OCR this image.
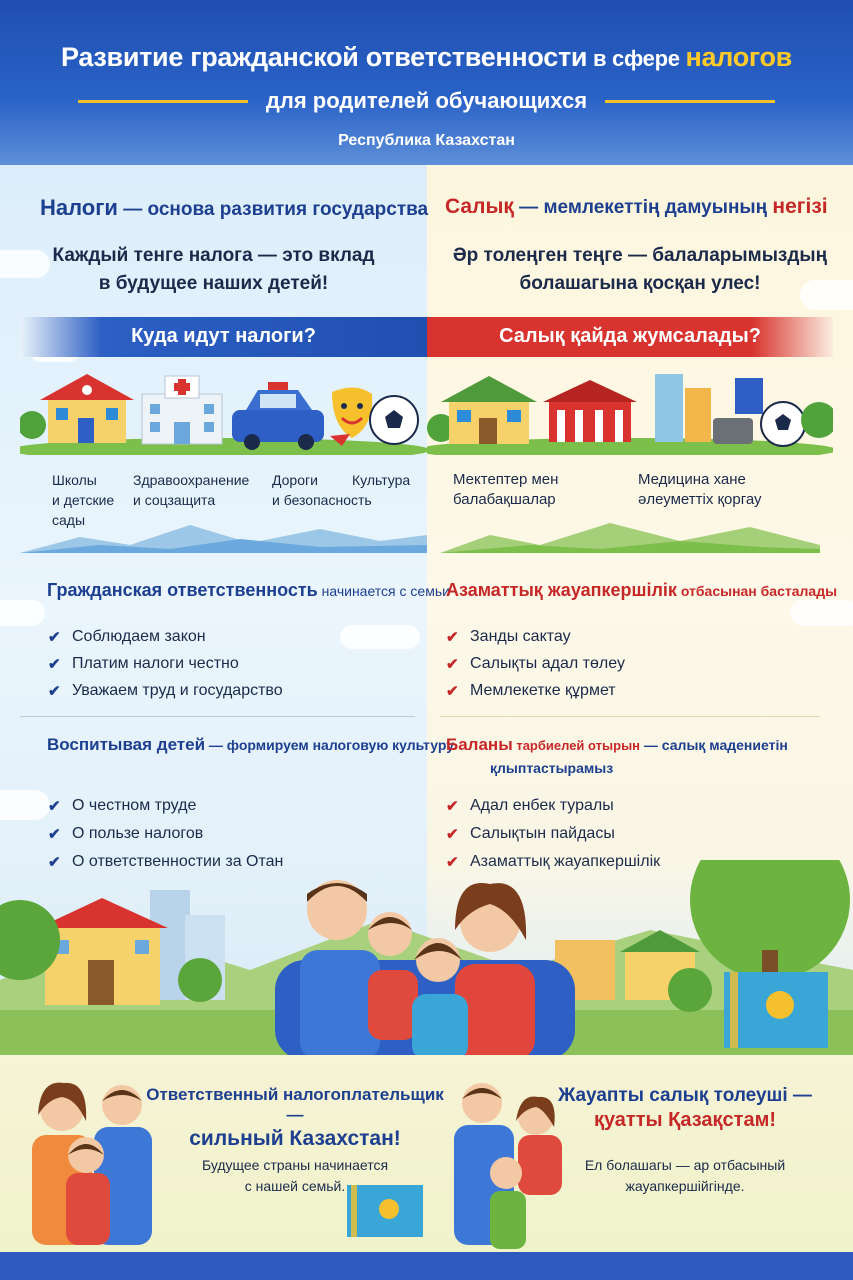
Развитие гражданской ответственности в сфере налогов
для родителей обучающихся
Республика Казахстан
Налоги — основа развития государства
Каждый тенге налога — это вклад
в будущее наших детей!
Салық — мемлекеттің дамуының негізі
Әр толеңген теңге — балаларымыздың
болашагына қосқан улес!
Куда идут налоги?	Салық қайда жумсалады?
Школы
и детские
сады
Здравоохранение
и соцзащита
Дороги
и безопасность
Культура	Мектептер мен
балабақшалар
Медицинa хане
әлеуметтіх қоргау
Гражданская ответственность начинается с семьи
✔ Соблюдаем закон
✔ Платим налоги честно
✔ Уважаем труд и государство
Воспитывая детей — формируем налоговую культуру
✔ О честном труде
✔ О пользе налогов
Азаматтық жауапкершілік отбасынан басталады
✔ Занды сактау
✔ Салықты адал төлеу
✔ Мемлекетке құрмет
Баланы тарбиелей отырын — салық мадениетін
қлыптастырамыз
✔ Адал енбек туралы
✔ Салықтын пайдасы
Ответственный налогоплательщик —
сильный Казахстан!
Будущее страны начинается
с нашей семьй.
Жауапты салық толеуші —
қуатты Қазақстам!
Ел болашагы — ар отбасыный
жауапкершійгінде.
